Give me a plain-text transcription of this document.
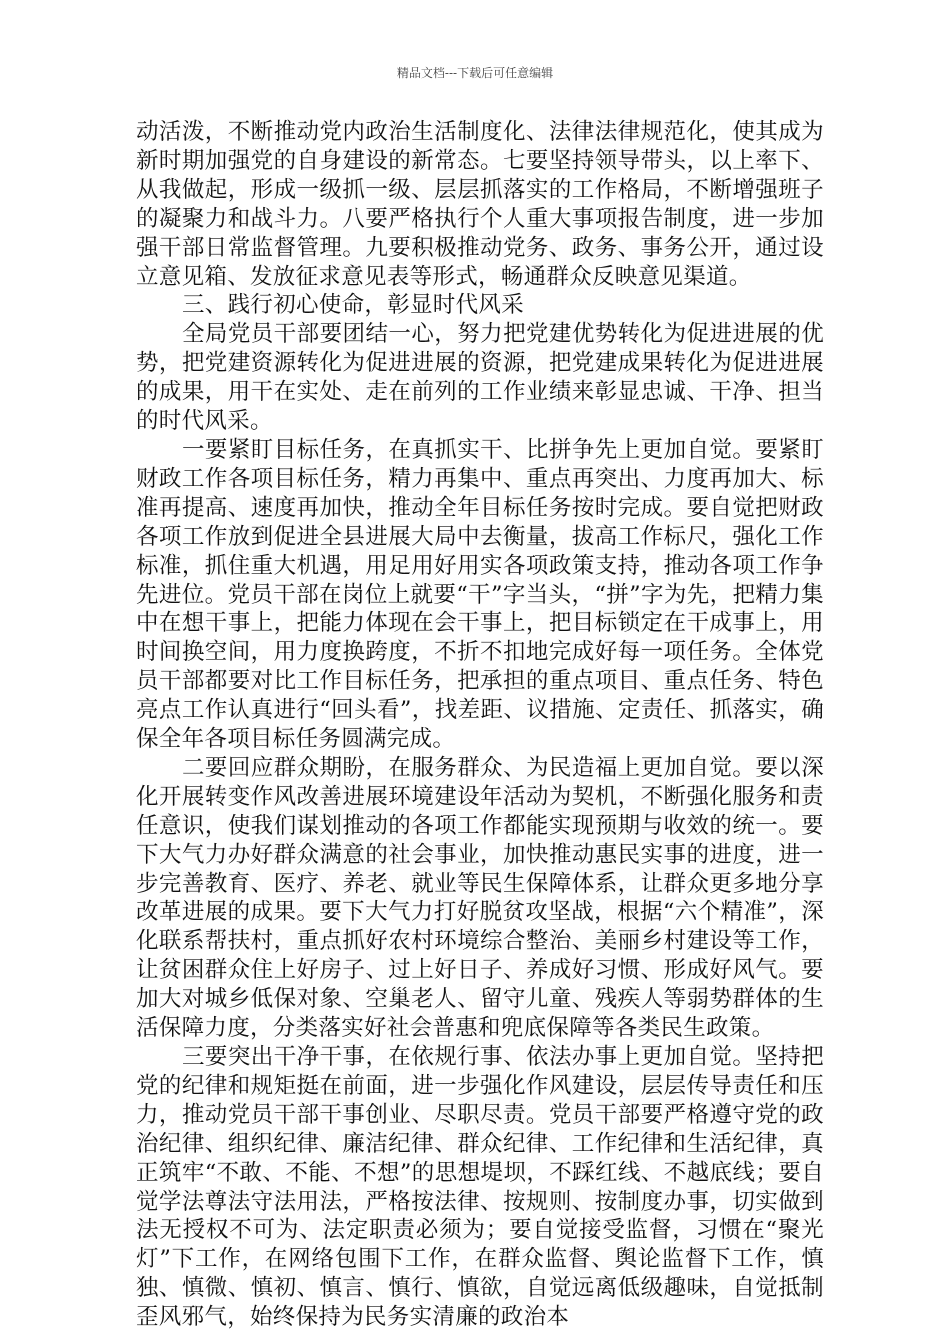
精品文档---下载后可任意编辑

动活泼，不断推动党内政治生活制度化、法律法律规范化，使其成为新时期加强党的自身建设的新常态。七要坚持领导带头，以上率下、从我做起，形成一级抓一级、层层抓落实的工作格局，不断增强班子的凝聚力和战斗力。八要严格执行个人重大事项报告制度，进一步加强干部日常监督管理。九要积极推动党务、政务、事务公开，通过设立意见箱、发放征求意见表等形式，畅通群众反映意见渠道。

三、践行初心使命，彰显时代风采

全局党员干部要团结一心，努力把党建优势转化为促进进展的优势，把党建资源转化为促进进展的资源，把党建成果转化为促进进展的成果，用干在实处、走在前列的工作业绩来彰显忠诚、干净、担当的时代风采。

一要紧盯目标任务，在真抓实干、比拼争先上更加自觉。要紧盯财政工作各项目标任务，精力再集中、重点再突出、力度再加大、标准再提高、速度再加快，推动全年目标任务按时完成。要自觉把财政各项工作放到促进全县进展大局中去衡量，拔高工作标尺，强化工作标准，抓住重大机遇，用足用好用实各项政策支持，推动各项工作争先进位。党员干部在岗位上就要“干”字当头，“拼”字为先，把精力集中在想干事上，把能力体现在会干事上，把目标锁定在干成事上，用时间换空间，用力度换跨度，不折不扣地完成好每一项任务。全体党员干部都要对比工作目标任务，把承担的重点项目、重点任务、特色亮点工作认真进行“回头看”，找差距、议措施、定责任、抓落实，确保全年各项目标任务圆满完成。

二要回应群众期盼，在服务群众、为民造福上更加自觉。要以深化开展转变作风改善进展环境建设年活动为契机，不断强化服务和责任意识，使我们谋划推动的各项工作都能实现预期与收效的统一。要下大气力办好群众满意的社会事业，加快推动惠民实事的进度，进一步完善教育、医疗、养老、就业等民生保障体系，让群众更多地分享改革进展的成果。要下大气力打好脱贫攻坚战，根据“六个精准”，深化联系帮扶村，重点抓好农村环境综合整治、美丽乡村建设等工作，让贫困群众住上好房子、过上好日子、养成好习惯、形成好风气。要加大对城乡低保对象、空巢老人、留守儿童、残疾人等弱势群体的生活保障力度，分类落实好社会普惠和兜底保障等各类民生政策。

三要突出干净干事，在依规行事、依法办事上更加自觉。坚持把党的纪律和规矩挺在前面，进一步强化作风建设，层层传导责任和压力，推动党员干部干事创业、尽职尽责。党员干部要严格遵守党的政治纪律、组织纪律、廉洁纪律、群众纪律、工作纪律和生活纪律，真正筑牢“不敢、不能、不想”的思想堤坝，不踩红线、不越底线；要自觉学法尊法守法用法，严格按法律、按规则、按制度办事，切实做到法无授权不可为、法定职责必须为；要自觉接受监督，习惯在“聚光灯”下工作，在网络包围下工作，在群众监督、舆论监督下工作，慎独、慎微、慎初、慎言、慎行、慎欲，自觉远离低级趣味，自觉抵制歪风邪气，始终保持为民务实清廉的政治本
